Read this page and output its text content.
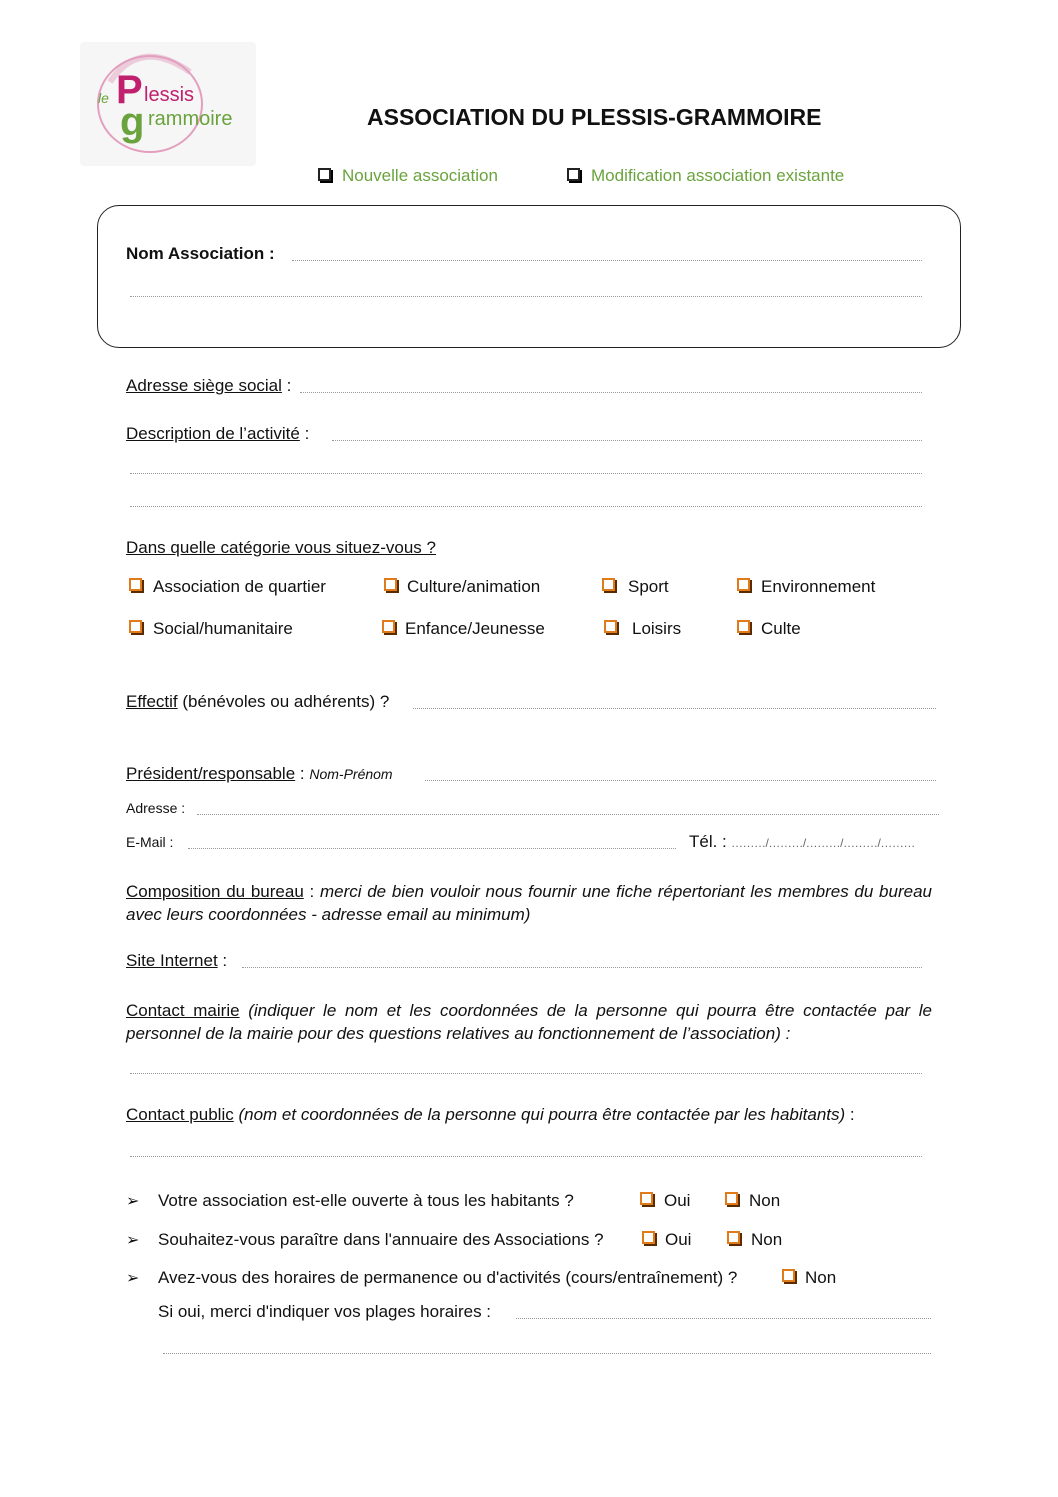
le P lessis
g rammoire	ASSOCIATION DU PLESSIS-GRAMMOIRE
Nouvelle association	Modification association existante
Nom Association :
Adresse siège social :
Description de l’activité :
Dans quelle catégorie vous situez-vous ?
Association de quartier	Culture/animation	Sport	Environnement
Social/humanitaire	Enfance/Jeunesse	Loisirs	Culte
Effectif (bénévoles ou adhérents) ?
Président/responsable : Nom-Prénom
Adresse :
E-Mail :	Tél. : ………/………/………/………/………
Composition du bureau : merci de bien vouloir nous fournir une fiche répertoriant les membres du bureau avec leurs coordonnées - adresse email au minimum)
Site Internet :
Contact mairie (indiquer le nom et les coordonnées de la personne qui pourra être contactée par le personnel de la mairie pour des questions relatives au fonctionnement de l’association) :
Contact public (nom et coordonnées de la personne qui pourra être contactée par les habitants) :
➢ Votre association est-elle ouverte à tous les habitants ?	Oui	Non
➢ Souhaitez-vous paraître dans l'annuaire des Associations ?	Oui	Non
➢ Avez-vous des horaires de permanence ou d'activités (cours/entraînement) ?	Non
Si oui, merci d'indiquer vos plages horaires :
